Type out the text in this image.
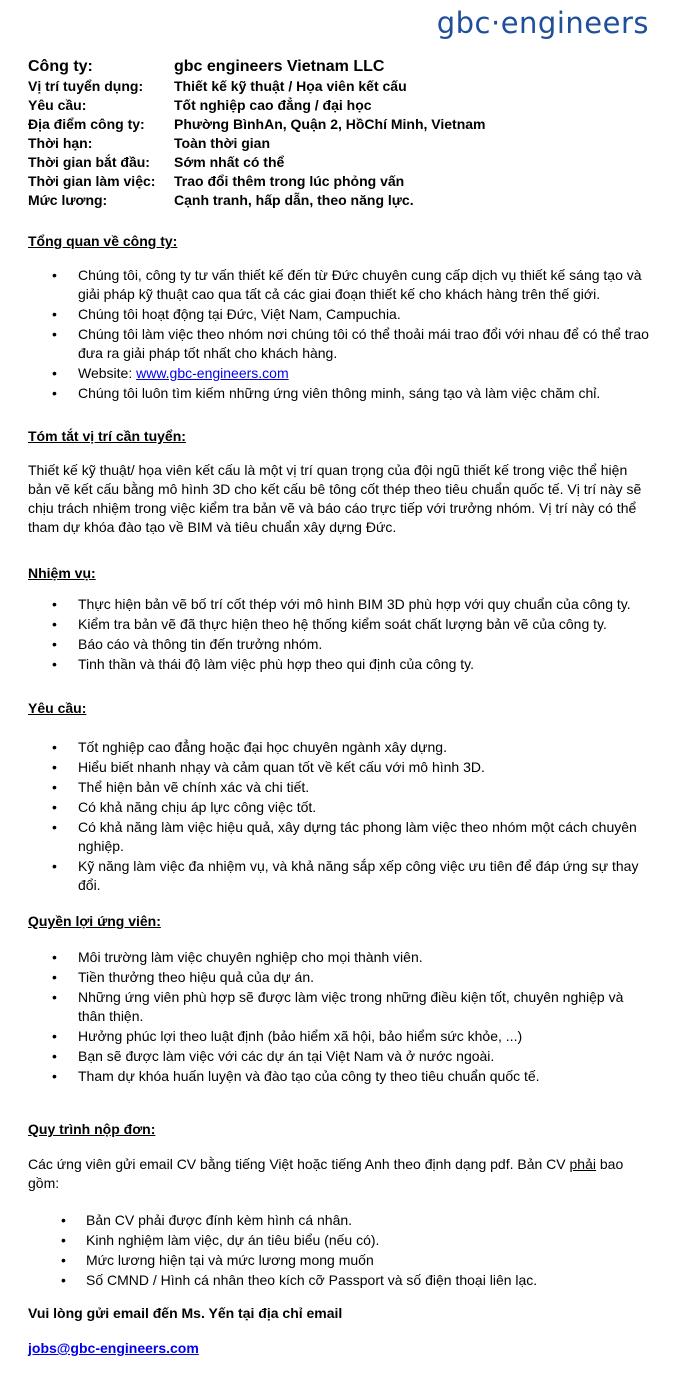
gbc·engineers
Công ty:	gbc engineers Vietnam LLC
Vị trí tuyển dụng:	Thiết kế kỹ thuật / Họa viên kết cấu
Yêu cầu:	Tốt nghiệp cao đẳng / đại học
Địa điểm công ty:	Phường BìnhAn, Quận 2, HồChí Minh, Vietnam
Thời hạn:	Toàn thời gian
Thời gian bắt đầu:	Sớm nhất có thể
Thời gian làm việc:	Trao đổi thêm trong lúc phỏng vấn
Mức lương:	Cạnh tranh, hấp dẫn, theo năng lực.
Tổng quan về công ty:
• Chúng tôi, công ty tư vấn thiết kế đến từ Đức chuyên cung cấp dịch vụ thiết kế sáng tạo và giải pháp kỹ thuật cao qua tất cả các giai đoạn thiết kế cho khách hàng trên thế giới.
• Chúng tôi hoạt động tại Đức, Việt Nam, Campuchia.
• Chúng tôi làm việc theo nhóm nơi chúng tôi có thể thoải mái trao đổi với nhau để có thể trao đưa ra giải pháp tốt nhất cho khách hàng.
• Website: www.gbc-engineers.com
• Chúng tôi luôn tìm kiếm những ứng viên thông minh, sáng tạo và làm việc chăm chỉ.
Tóm tắt vị trí cần tuyển:

Thiết kế kỹ thuật/ họa viên kết cấu là một vị trí quan trọng của đội ngũ thiết kế trong việc thể hiện bản vẽ kết cấu bằng mô hình 3D cho kết cấu bê tông cốt thép theo tiêu chuẩn quốc tế. Vị trí này sẽ chịu trách nhiệm trong việc kiểm tra bản vẽ và báo cáo trực tiếp với trưởng nhóm. Vị trí này có thể tham dự khóa đào tạo về BIM và tiêu chuẩn xây dựng Đức.

Nhiệm vụ:
• Thực hiện bản vẽ bố trí cốt thép với mô hình BIM 3D phù hợp với quy chuẩn của công ty.
• Kiểm tra bản vẽ đã thực hiện theo hệ thống kiểm soát chất lượng bản vẽ của công ty.
• Báo cáo và thông tin đến trưởng nhóm.
• Tinh thần và thái độ làm việc phù hợp theo qui định của công ty.
Yêu cầu:
• Tốt nghiệp cao đẳng hoặc đại học chuyên ngành xây dựng.
• Hiểu biết nhanh nhạy và cảm quan tốt về kết cấu với mô hình 3D.
• Thể hiện bản vẽ chính xác và chi tiết.
• Có khả năng chịu áp lực công việc tốt.
• Có khả năng làm việc hiệu quả, xây dựng tác phong làm việc theo nhóm một cách chuyên nghiệp.
• Kỹ năng làm việc đa nhiệm vụ, và khả năng sắp xếp công việc ưu tiên để đáp ứng sự thay đổi.
Quyền lợi ứng viên:
• Môi trường làm việc chuyên nghiệp cho mọi thành viên.
• Tiền thưởng theo hiệu quả của dự án.
• Những ứng viên phù hợp sẽ được làm việc trong những điều kiện tốt, chuyên nghiệp và thân thiện.
• Hưởng phúc lợi theo luật định (bảo hiểm xã hội, bảo hiểm sức khỏe, ...)
• Bạn sẽ được làm việc với các dự án tại Việt Nam và ở nước ngoài.
• Tham dự khóa huấn luyện và đào tạo của công ty theo tiêu chuẩn quốc tế.
Quy trình nộp đơn:

Các ứng viên gửi email CV bằng tiếng Việt hoặc tiếng Anh theo định dạng pdf. Bản CV phải bao gồm:

• Bản CV phải được đính kèm hình cá nhân.
• Kinh nghiệm làm việc, dự án tiêu biểu (nếu có).
• Mức lương hiện tại và mức lương mong muốn
• Số CMND / Hình cá nhân theo kích cỡ Passport và số điện thoại liên lạc.

Vui lòng gửi email đến Ms. Yến tại địa chỉ email

jobs@gbc-engineers.com
